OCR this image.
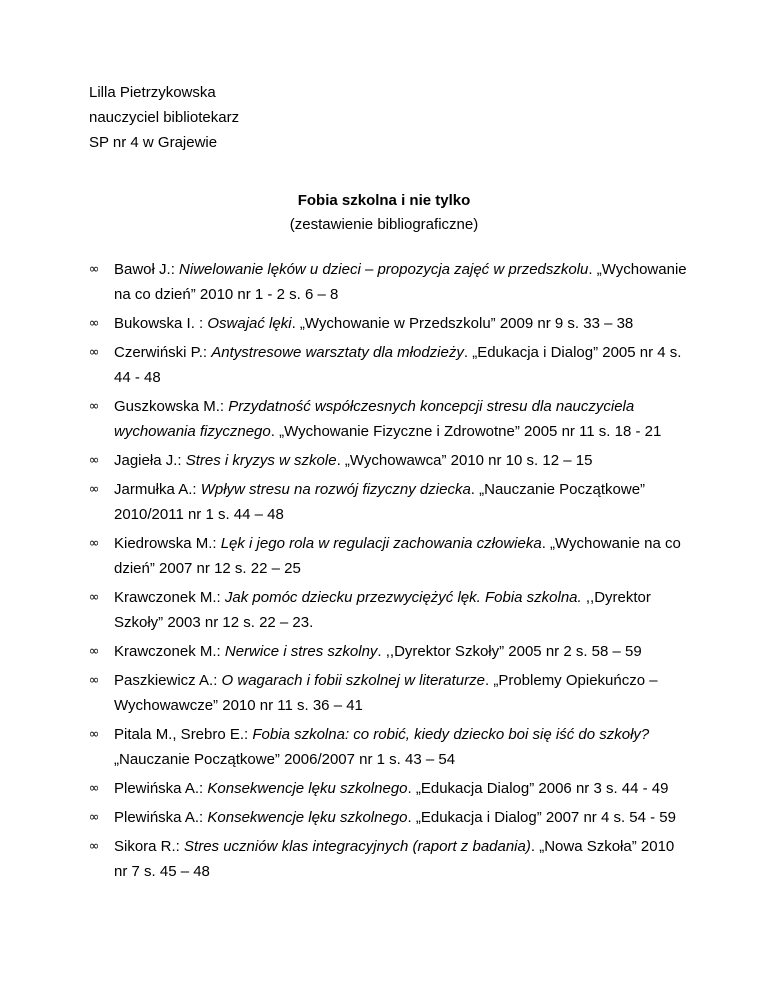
Lilla Pietrzykowska
nauczyciel bibliotekarz
SP nr 4 w Grajewie
Fobia szkolna i nie tylko
(zestawienie bibliograficzne)
∞ Bawoł J.: Niwelowanie lęków u dzieci – propozycja zajęć w przedszkolu. „Wychowanie na co dzień” 2010 nr 1 - 2 s. 6 – 8
∞ Bukowska I. : Oswajać lęki. „Wychowanie w Przedszkolu” 2009 nr 9 s. 33 – 38
∞ Czerwiński P.: Antystresowe warsztaty dla młodzieży. „Edukacja i Dialog” 2005 nr 4 s. 44 - 48
∞ Guszkowska M.: Przydatność współczesnych koncepcji stresu dla nauczyciela wychowania fizycznego. „Wychowanie Fizyczne i Zdrowotne” 2005 nr 11 s. 18 - 21
∞ Jagieła J.: Stres i kryzys w szkole. „Wychowawca” 2010 nr 10 s. 12 – 15
∞ Jarmułka A.: Wpływ stresu na rozwój fizyczny dziecka. „Nauczanie Początkowe” 2010/2011 nr 1 s. 44 – 48
∞ Kiedrowska M.: Lęk i jego rola w regulacji zachowania człowieka. „Wychowanie na co dzień” 2007 nr 12 s. 22 – 25
∞ Krawczonek M.: Jak pomóc dziecku przezwyciężyć lęk. Fobia szkolna. ,,Dyrektor Szkoły” 2003 nr 12 s. 22 – 23.
∞ Krawczonek M.: Nerwice i stres szkolny. ,,Dyrektor Szkoły” 2005 nr 2 s. 58 – 59
∞ Paszkiewicz A.: O wagarach i fobii szkolnej w literaturze. „Problemy Opiekuńczo – Wychowawcze” 2010 nr 11 s. 36 – 41
∞ Pitala M., Srebro E.: Fobia szkolna: co robić, kiedy dziecko boi się iść do szkoły? „Nauczanie Początkowe” 2006/2007 nr 1 s. 43 – 54
∞ Plewińska A.: Konsekwencje lęku szkolnego. „Edukacja Dialog” 2006 nr 3 s. 44 - 49
∞ Plewińska A.: Konsekwencje lęku szkolnego. „Edukacja i Dialog” 2007 nr 4 s. 54 - 59
∞ Sikora R.: Stres uczniów klas integracyjnych (raport z badania). „Nowa Szkoła” 2010 nr 7 s. 45 – 48
